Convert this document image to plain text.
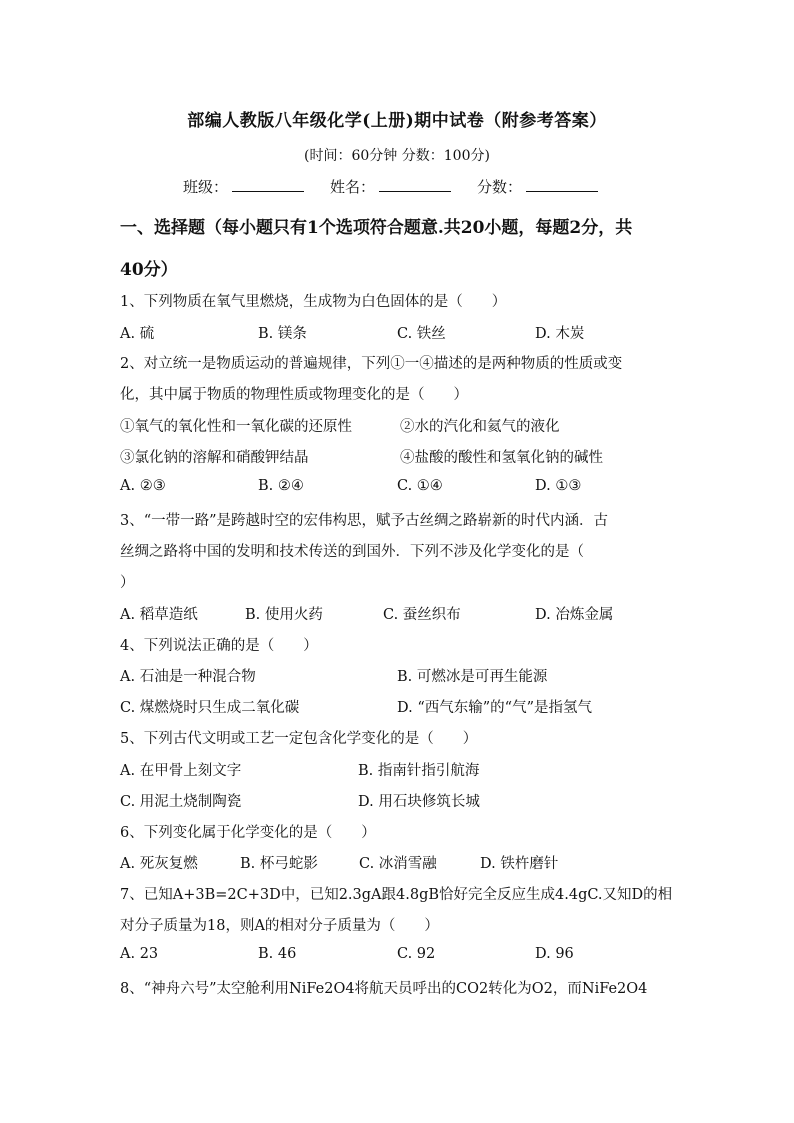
部编人教版八年级化学(上册)期中试卷（附参考答案）
(时间：60分钟 分数：100分)
班级：	姓名：	分数：
一、选择题（每小题只有1个选项符合题意.共20小题，每题2分，共
40分）
1、下列物质在氧气里燃烧，生成物为白色固体的是（　　）
A. 硫	B. 镁条	C. 铁丝	D. 木炭
2、对立统一是物质运动的普遍规律，下列①一④描述的是两种物质的性质或变
化，其中属于物质的物理性质或物理变化的是（　　）
①氧气的氧化性和一氧化碳的还原性	②水的汽化和氦气的液化
③氯化钠的溶解和硝酸钾结晶	④盐酸的酸性和氢氧化钠的碱性
A. ②③	B. ②④	C. ①④	D. ①③
3、“一带一路”是跨越时空的宏伟构思，赋予古丝绸之路崭新的时代内涵．古
丝绸之路将中国的发明和技术传送的到国外．下列不涉及化学变化的是（
）
A. 稻草造纸	B. 使用火药	C. 蚕丝织布	D. 冶炼金属
4、下列说法正确的是（　　）
A. 石油是一种混合物	B. 可燃冰是可再生能源
C. 煤燃烧时只生成二氧化碳	D. “西气东输”的“气”是指氢气
5、下列古代文明或工艺一定包含化学变化的是（　　）
A. 在甲骨上刻文字	B. 指南针指引航海
C. 用泥土烧制陶瓷	D. 用石块修筑长城
6、下列变化属于化学变化的是（　　）
A. 死灰复燃	B. 杯弓蛇影	C. 冰消雪融	D. 铁杵磨针
7、已知A+3B=2C+3D中，已知2.3gA跟4.8gB恰好完全反应生成4.4gC.又知D的相
对分子质量为18，则A的相对分子质量为（　　）
A. 23	B. 46	C. 92	D. 96
8、“神舟六号”太空舱利用NiFe2O4将航天员呼出的CO2转化为O2，而NiFe2O4
